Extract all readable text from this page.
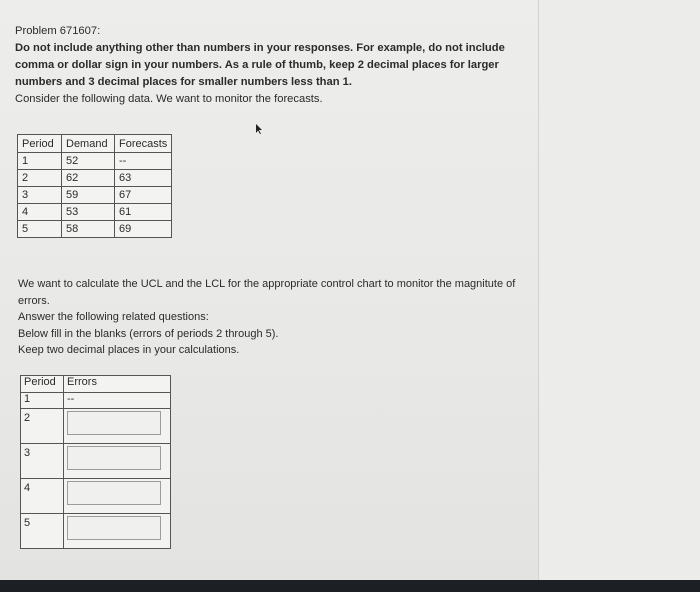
Problem 671607:

Do not include anything other than numbers in your responses. For example, do not include comma or dollar sign in your numbers. As a rule of thumb, keep 2 decimal places for larger numbers and 3 decimal places for smaller numbers less than 1.

Consider the following data. We want to monitor the forecasts.

Period	Demand	Forecasts
1	52	--
2	62	63
3	59	67
4	53	61
5	58	69

We want to calculate the UCL and the LCL for the appropriate control chart to monitor the magnitute of errors.

Answer the following related questions:

Below fill in the blanks (errors of periods 2 through 5).

Keep two decimal places in your calculations.

Period	Errors
1	--
2	

3	

4	

5	
